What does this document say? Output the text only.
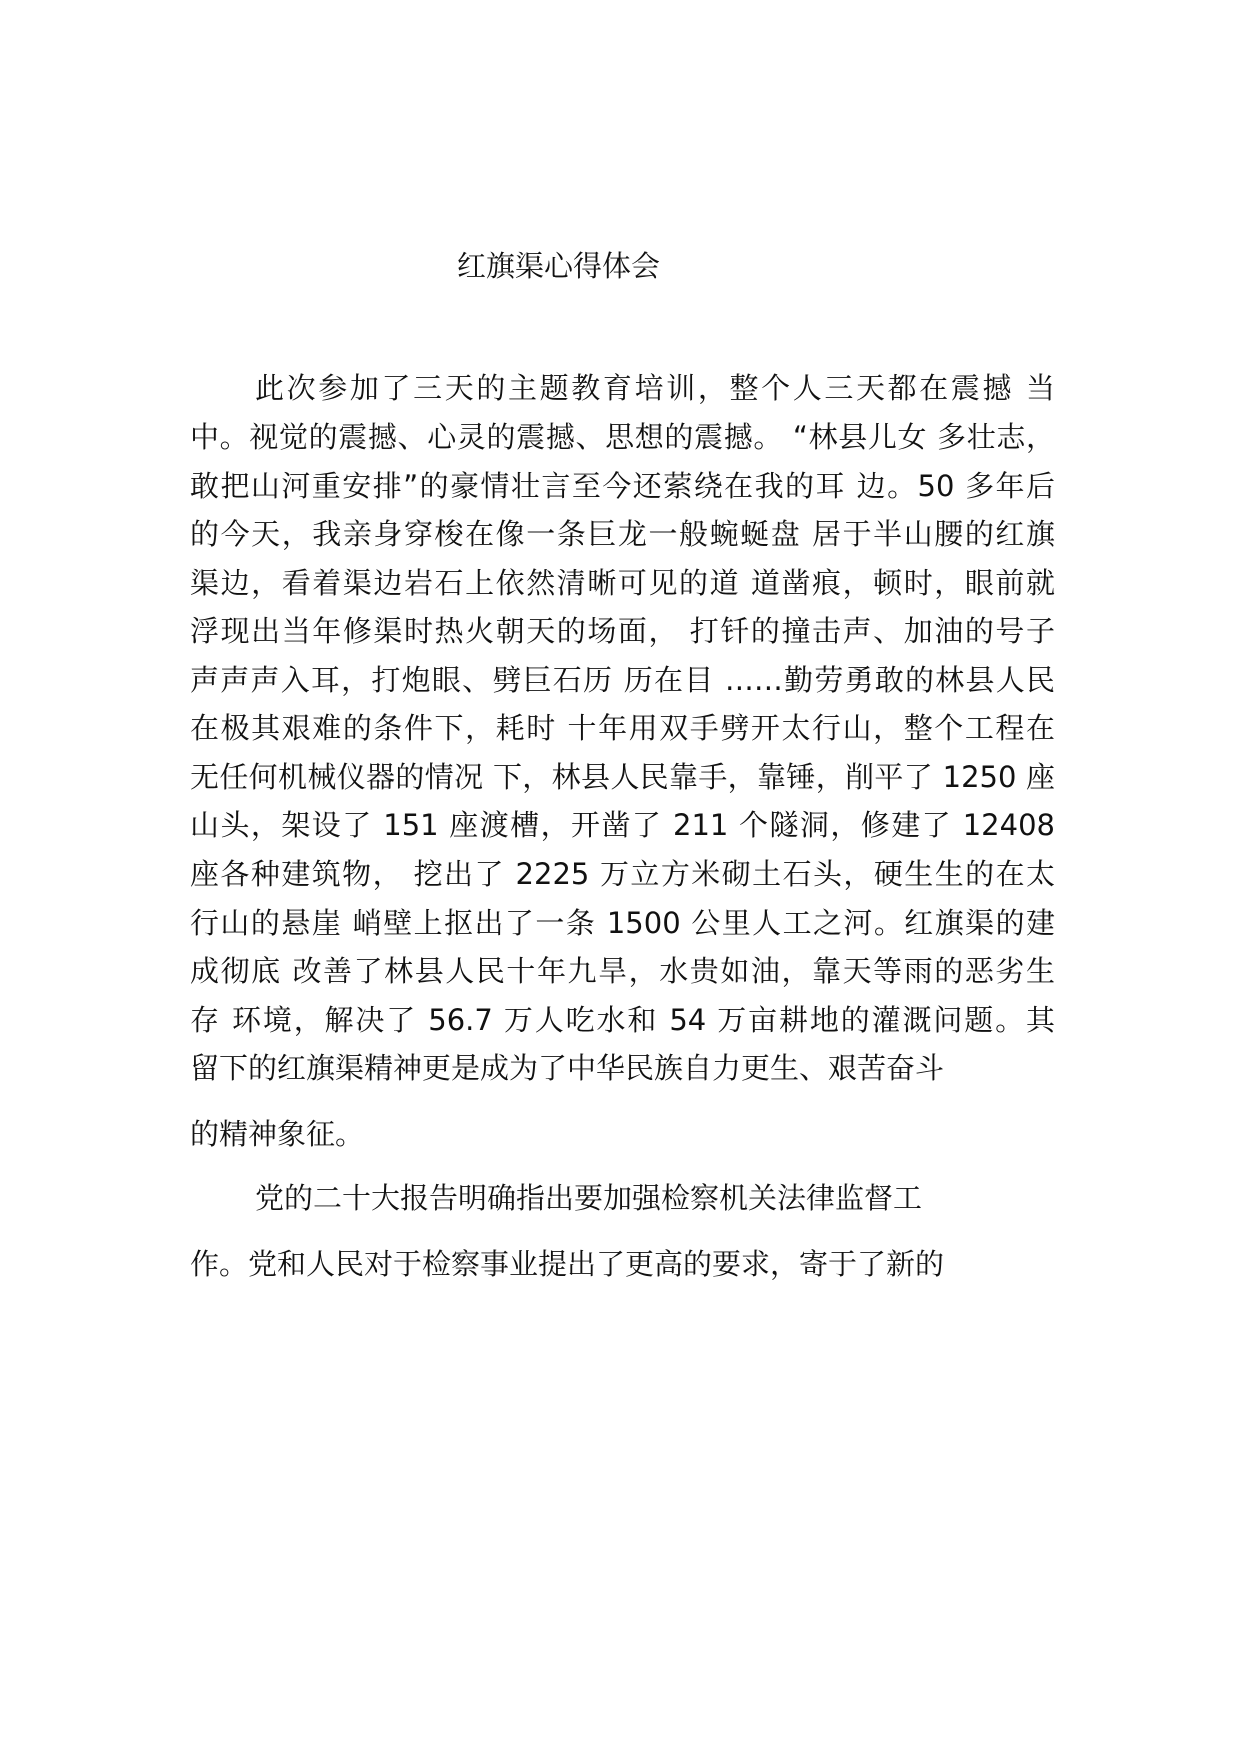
红旗渠心得体会
此次参加了三天的主题教育培训，整个人三天都在震撼 当
中。视觉的震撼、心灵的震撼、思想的震撼。 “林县儿女 多壮志，
敢把山河重安排”的豪情壮言至今还萦绕在我的耳 边。50 多年后
的今天，我亲身穿梭在像一条巨龙一般蜿蜒盘 居于半山腰的红旗
渠边，看着渠边岩石上依然清晰可见的道 道凿痕，顿时，眼前就
浮现出当年修渠时热火朝天的场面， 打钎的撞击声、加油的号子
声声声入耳，打炮眼、劈巨石历 历在目 ……勤劳勇敢的林县人民
在极其艰难的条件下，耗时 十年用双手劈开太行山，整个工程在
无任何机械仪器的情况 下，林县人民靠手，靠锤，削平了 1250 座
山头，架设了 151 座渡槽，开凿了 211 个隧洞，修建了 12408
座各种建筑物， 挖出了 2225 万立方米砌土石头，硬生生的在太
行山的悬崖 峭壁上抠出了一条 1500 公里人工之河。红旗渠的建
成彻底 改善了林县人民十年九旱，水贵如油，靠天等雨的恶劣生
存 环境，解决了 56.7 万人吃水和 54 万亩耕地的灌溉问题。其
留下的红旗渠精神更是成为了中华民族自力更生、艰苦奋斗
的精神象征。
党的二十大报告明确指出要加强检察机关法律监督工
作。党和人民对于检察事业提出了更高的要求，寄于了新的
